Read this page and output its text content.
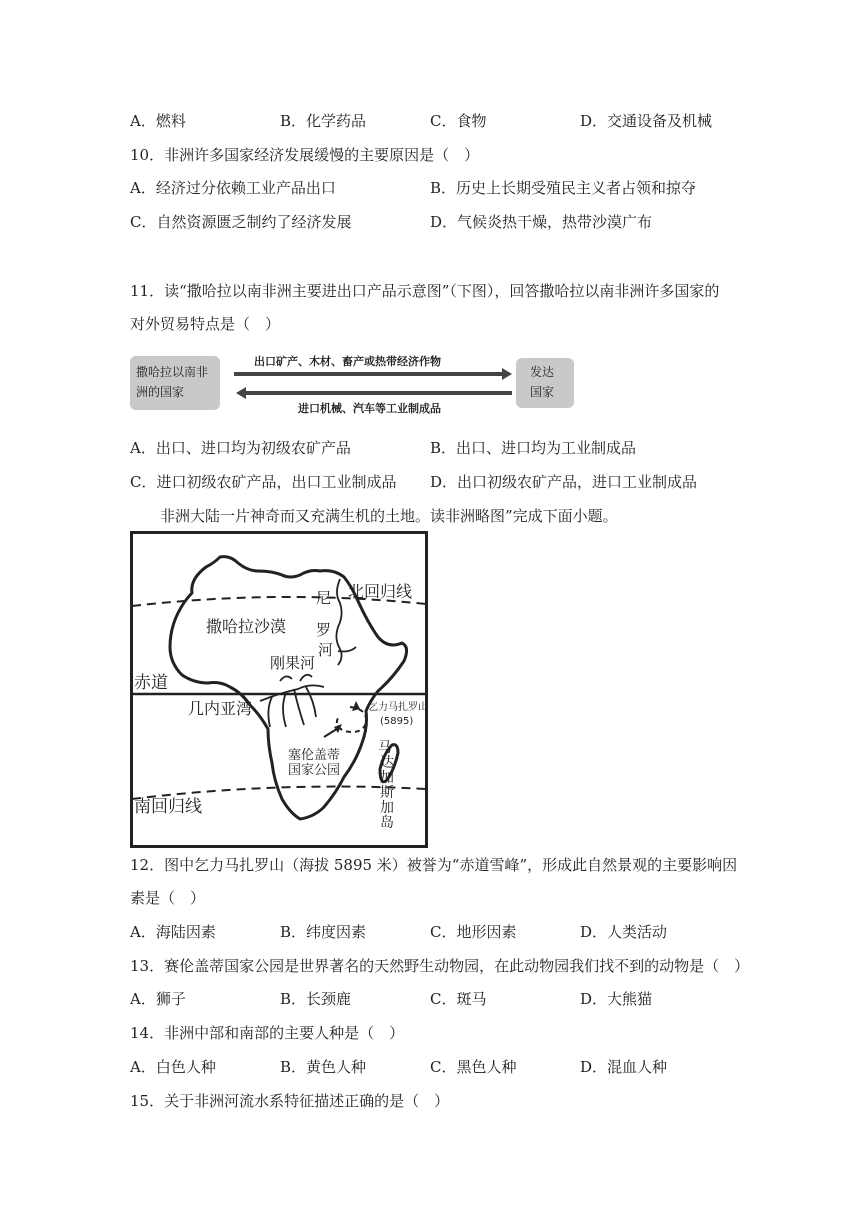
A．燃料	B．化学药品	C．食物	D．交通设备及机械
10．非洲许多国家经济发展缓慢的主要原因是（　）
A．经济过分依赖工业产品出口	B．历史上长期受殖民主义者占领和掠夺
C．自然资源匮乏制约了经济发展	D．气候炎热干燥，热带沙漠广布
11．读“撒哈拉以南非洲主要进出口产品示意图”（下图），回答撒哈拉以南非洲许多国家的
对外贸易特点是（　）
撒哈拉以南非
洲的国家
发达
国家
出口矿产、木材、畜产或热带经济作物
进口机械、汽车等工业制成品
A．出口、进口均为初级农矿产品	B．出口、进口均为工业制成品
C．进口初级农矿产品，出口工业制成品 D．出口初级农矿产品，进口工业制成品
非洲大陆一片神奇而又充满生机的土地。读非洲略图”完成下面小题。
北回归线
撒哈拉沙漠
尼
罗
河
刚果河
赤道
几内亚湾	乞力马扎罗山
(5895)
塞伦盖蒂
国家公园
马
达
加
斯
加
岛
南回归线
12．图中乞力马扎罗山（海拔 5895 米）被誉为“赤道雪峰”，形成此自然景观的主要影响因
素是（　）
A．海陆因素	B．纬度因素	C．地形因素	D．人类活动
13．赛伦盖蒂国家公园是世界著名的天然野生动物园，在此动物园我们找不到的动物是（　）
A．狮子	B．长颈鹿	C．斑马	D．大熊猫
14．非洲中部和南部的主要人种是（　）
A．白色人种	B．黄色人种	C．黑色人种	D．混血人种
15．关于非洲河流水系特征描述正确的是（　）
